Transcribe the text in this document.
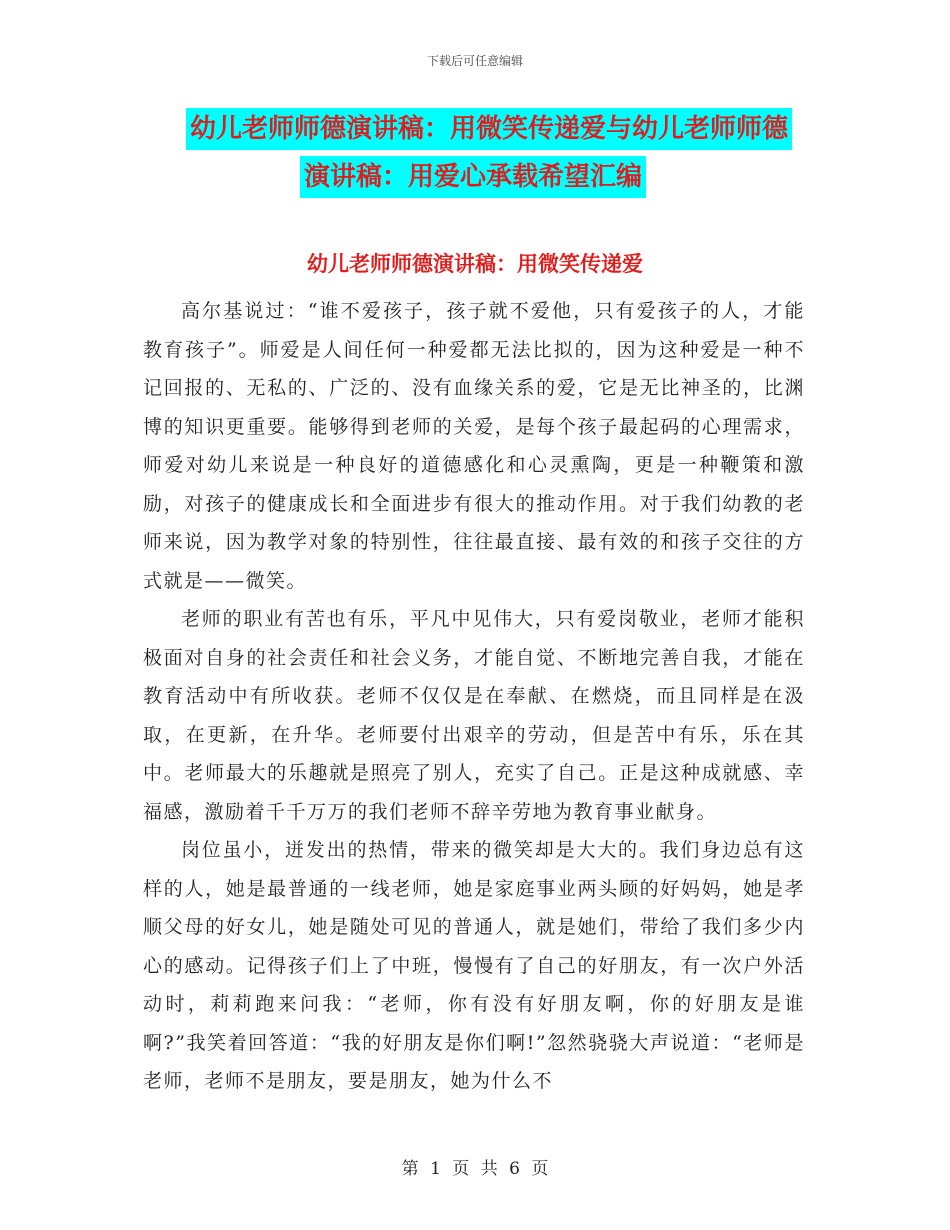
下载后可任意编辑
幼儿老师师德演讲稿：用微笑传递爱与幼儿老师师德
演讲稿：用爱心承载希望汇编
幼儿老师师德演讲稿：用微笑传递爱

高尔基说过：“谁不爱孩子，孩子就不爱他，只有爱孩子的人，才能教育孩子”。师爱是人间任何一种爱都无法比拟的，因为这种爱是一种不记回报的、无私的、广泛的、没有血缘关系的爱，它是无比神圣的，比渊博的知识更重要。能够得到老师的关爱，是每个孩子最起码的心理需求，师爱对幼儿来说是一种良好的道德感化和心灵熏陶，更是一种鞭策和激励，对孩子的健康成长和全面进步有很大的推动作用。对于我们幼教的老师来说，因为教学对象的特别性，往往最直接、最有效的和孩子交往的方式就是——微笑。

老师的职业有苦也有乐，平凡中见伟大，只有爱岗敬业，老师才能积极面对自身的社会责任和社会义务，才能自觉、不断地完善自我，才能在教育活动中有所收获。老师不仅仅是在奉献、在燃烧，而且同样是在汲取，在更新，在升华。老师要付出艰辛的劳动，但是苦中有乐，乐在其中。老师最大的乐趣就是照亮了别人，充实了自己。正是这种成就感、幸福感，激励着千千万万的我们老师不辞辛劳地为教育事业献身。

岗位虽小，迸发出的热情，带来的微笑却是大大的。我们身边总有这样的人，她是最普通的一线老师，她是家庭事业两头顾的好妈妈，她是孝顺父母的好女儿，她是随处可见的普通人，就是她们，带给了我们多少内心的感动。记得孩子们上了中班，慢慢有了自己的好朋友，有一次户外活动时，莉莉跑来问我：“老师，你有没有好朋友啊，你的好朋友是谁啊?”我笑着回答道：“我的好朋友是你们啊!”忽然骁骁大声说道：“老师是老师，老师不是朋友，要是朋友，她为什么不

第 1 页 共 6 页
